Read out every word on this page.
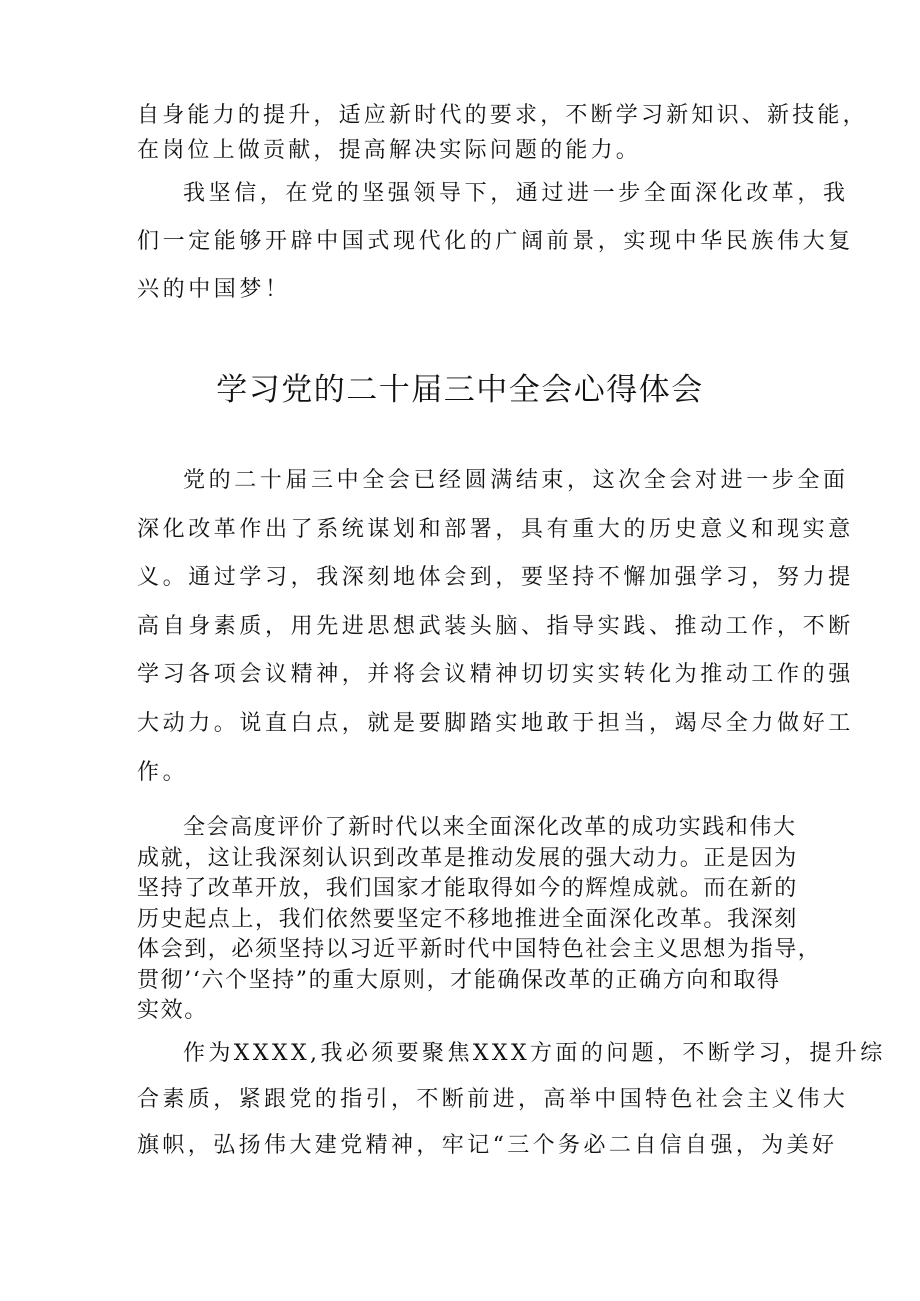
自身能力的提升，适应新时代的要求，不断学习新知识、新技能，
在岗位上做贡献，提高解决实际问题的能力。
我坚信，在党的坚强领导下，通过进一步全面深化改革，我
们一定能够开辟中国式现代化的广阔前景，实现中华民族伟大复
兴的中国梦！
学习党的二十届三中全会心得体会
党的二十届三中全会已经圆满结束，这次全会对进一步全面
深化改革作出了系统谋划和部署，具有重大的历史意义和现实意
义。通过学习，我深刻地体会到，要坚持不懈加强学习，努力提
高自身素质，用先进思想武装头脑、指导实践、推动工作，不断
学习各项会议精神，并将会议精神切切实实转化为推动工作的强
大动力。说直白点，就是要脚踏实地敢于担当，竭尽全力做好工
作。
全会高度评价了新时代以来全面深化改革的成功实践和伟大
成就，这让我深刻认识到改革是推动发展的强大动力。正是因为
坚持了改革开放，我们国家才能取得如今的辉煌成就。而在新的
历史起点上，我们依然要坚定不移地推进全面深化改革。我深刻
体会到，必须坚持以习近平新时代中国特色社会主义思想为指导，
贯彻’‘六个坚持”的重大原则，才能确保改革的正确方向和取得
实效。
作为XXXX,我必须要聚焦XXX方面的问题，不断学习，提升综
合素质，紧跟党的指引，不断前进，高举中国特色社会主义伟大
旗帜，弘扬伟大建党精神，牢记“三个务必二自信自强，为美好
